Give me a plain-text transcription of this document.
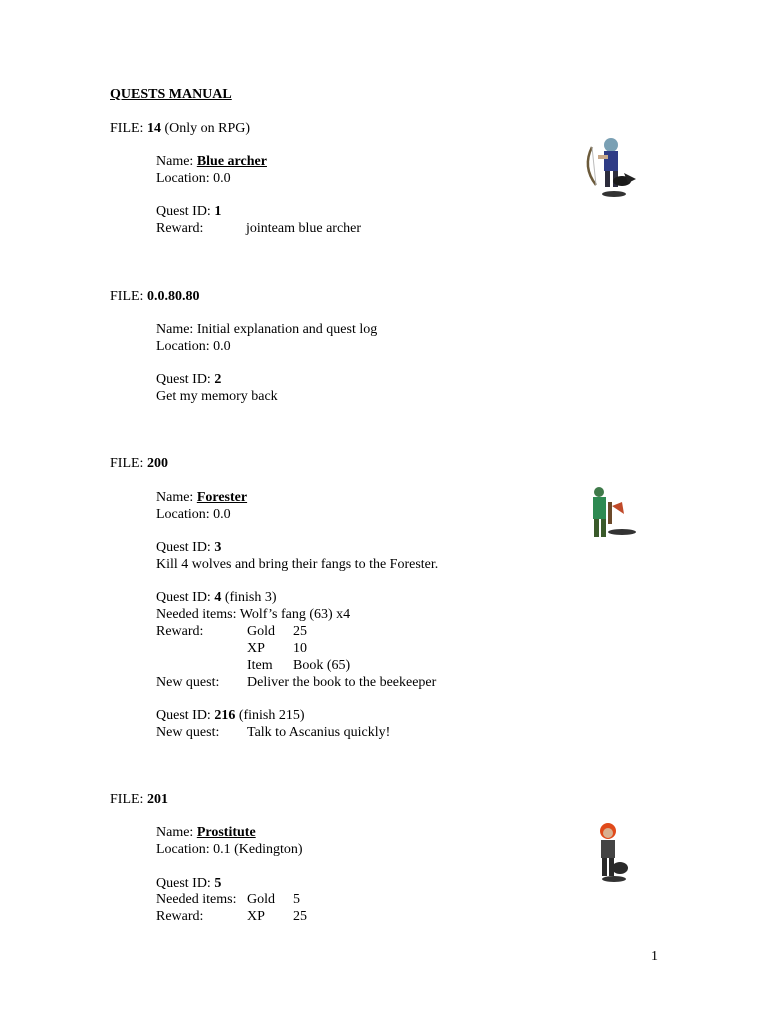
QUESTS MANUAL
FILE: 14 (Only on RPG)
Name: Blue archer
Location: 0.0
Quest ID: 1
Reward:	jointeam blue archer
FILE: 0.0.80.80
Name: Initial explanation and quest log
Location: 0.0
Quest ID: 2
Get my memory back
FILE: 200
Name: Forester
Location: 0.0
Quest ID: 3
Kill 4 wolves and bring their fangs to the Forester.
Quest ID: 4 (finish 3)
Needed items: Wolf’s fang (63) x4
Reward:	Gold 25
XP 10
Item Book (65)
New quest: Deliver the book to the beekeeper
Quest ID: 216 (finish 215)
New quest: Talk to Ascanius quickly!
FILE: 201
Name: Prostitute
Location: 0.1 (Kedington)
Quest ID: 5
Needed items: Gold 5
Reward:	XP 25
1
